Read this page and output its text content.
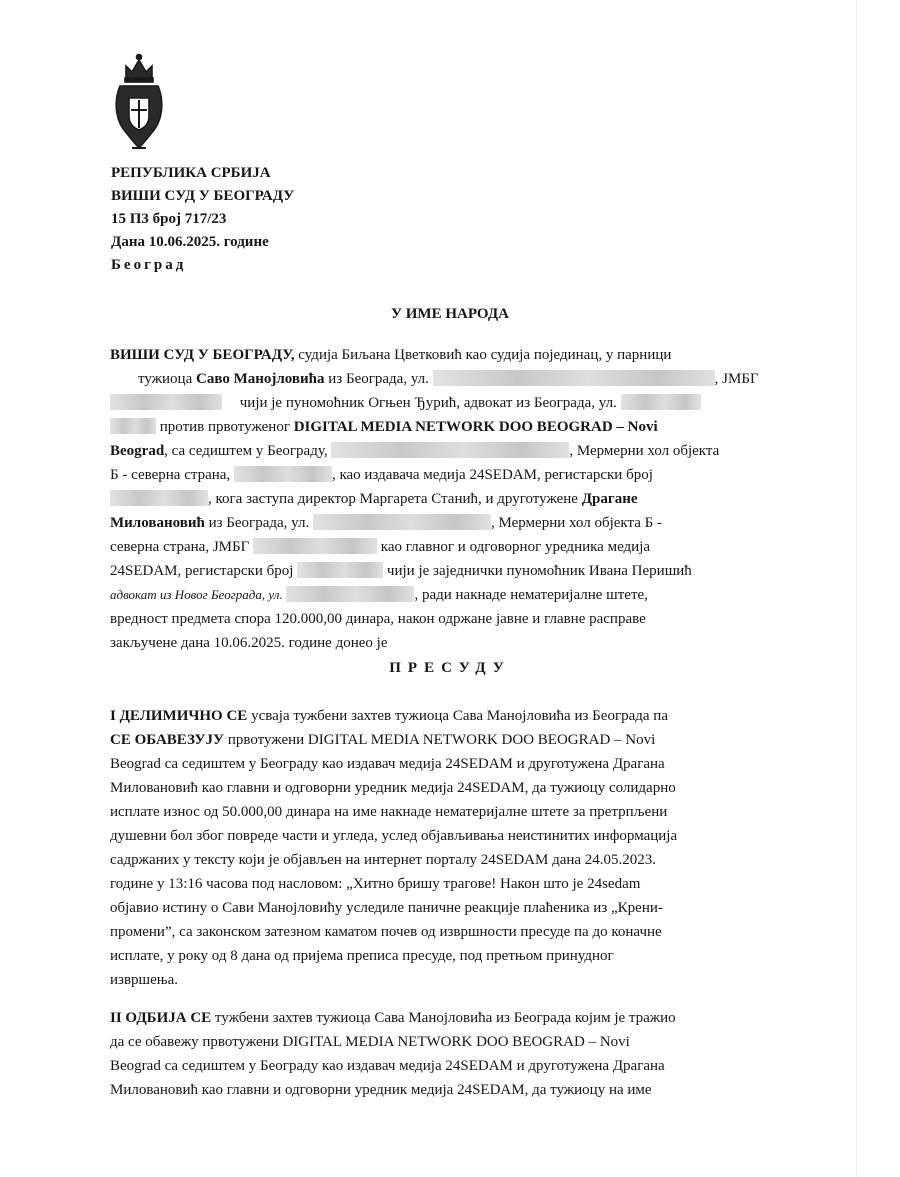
РЕПУБЛИКА СРБИЈА
ВИШИ СУД У БЕОГРАДУ
15 П3 број 717/23
Дана 10.06.2025. године
Београд
У ИМЕ НАРОДА
ВИШИ СУД У БЕОГРАДУ, судија Биљана Цветковић као судија појединац, у парници
тужиоца Саво Манојловића из Београда, ул.	, ЈМБГ
чији је пуномоћник Огњен Ђурић, адвокат из Београда, ул.
против првотуженог DIGITAL MEDIA NETWORK DOO BEOGRAD – Novi
Beograd, са седиштем у Београду,	, Мермерни хол објекта
Б - северна страна,	, као издавача медија 24SEDAM, регистарски број
, кога заступа директор Маргарета Станић, и друготужене Драгане
Миловановић из Београда, ул.	, Мермерни хол објекта Б -
северна страна, ЈМБГ	као главног и одговорног уредника медија
24SEDAM, регистарски број	чији је заједнички пуномоћник Ивана Перишић
адвокат из Новог Београда, ул.	, ради накнаде нематеријалне штете,
вредност предмета спора 120.000,00 динара, након одржане јавне и главне расправе
закључене дана 10.06.2025. године донео је
ПРЕСУДУ
I ДЕЛИМИЧНО СЕ усваја тужбени захтев тужиоца Сава Манојловића из Београда па
СЕ ОБАВЕЗУЈУ првотужени DIGITAL MEDIA NETWORK DOO BEOGRAD – Novi
Beograd са седиштем у Београду као издавач медија 24SEDAM и друготужена Драгана
Миловановић као главни и одговорни уредник медија 24SEDAM, да тужиоцу солидарно
исплате износ од 50.000,00 динара на име накнаде нематеријалне штете за претрпљени
душевни бол због повреде части и угледа, услед објављивања неистинитих информација
садржаних у тексту који је објављен на интернет порталу 24SEDAM дана 24.05.2023.
године у 13:16 часова под насловом: „Хитно бришу трагове! Након што је 24sedam
објавио истину о Сави Манојловићу уследиле паничне реакције плаћеника из „Крени-
промени”, са законском затезном каматом почев од извршности пресуде па до коначне
исплате, у року од 8 дана од пријема преписа пресуде, под претњом принудног
извршења.
II ОДБИЈА СЕ тужбени захтев тужиоца Сава Манојловића из Београда којим је тражио
да се обавежу првотужени DIGITAL MEDIA NETWORK DOO BEOGRAD – Novi
Beograd са седиштем у Београду као издавач медија 24SEDAM и друготужена Драгана
Миловановић као главни и одговорни уредник медија 24SEDAM, да тужиоцу на име
